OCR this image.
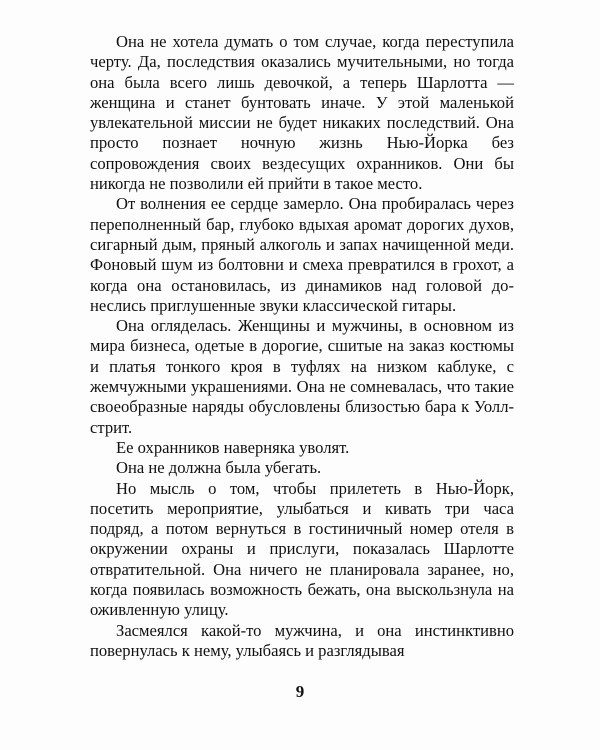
Она не хотела думать о том случае, когда переступила черту. Да, последствия оказались мучительными, но тогда она была всего лишь девочкой, а теперь Шарлотта — женщина и станет бунтовать иначе. У этой маленькой увлекательной миссии не будет никаких последствий. Она просто познает ночную жизнь Нью-Йорка без сопровождения своих вездесущих охранников. Они бы никогда не позволили ей прийти в такое место.

От волнения ее сердце замерло. Она пробиралась через переполненный бар, глубоко вдыхая аромат дорогих духов, сигарный дым, пряный алкоголь и запах начищенной меди. Фоновый шум из болтовни и смеха превратился в грохот, а когда она остановилась, из динамиков над головой донеслись приглушенные звуки классической гитары.

Она огляделась. Женщины и мужчины, в основном из мира бизнеса, одетые в дорогие, сшитые на заказ костюмы и платья тонкого кроя в туфлях на низком каблуке, с жемчужными украшениями. Она не сомневалась, что такие своеобразные наряды обусловлены близостью бара к Уолл-стрит.

Ее охранников наверняка уволят.

Она не должна была убегать.

Но мысль о том, чтобы прилететь в Нью-Йорк, посетить мероприятие, улыбаться и кивать три часа подряд, а потом вернуться в гостиничный номер отеля в окружении охраны и прислуги, показалась Шарлотте отвратительной. Она ничего не планировала заранее, но, когда появилась возможность бежать, она выскользнула на оживленную улицу.

Засмеялся какой-то мужчина, и она инстинктивно повернулась к нему, улыбаясь и разглядывая

9
